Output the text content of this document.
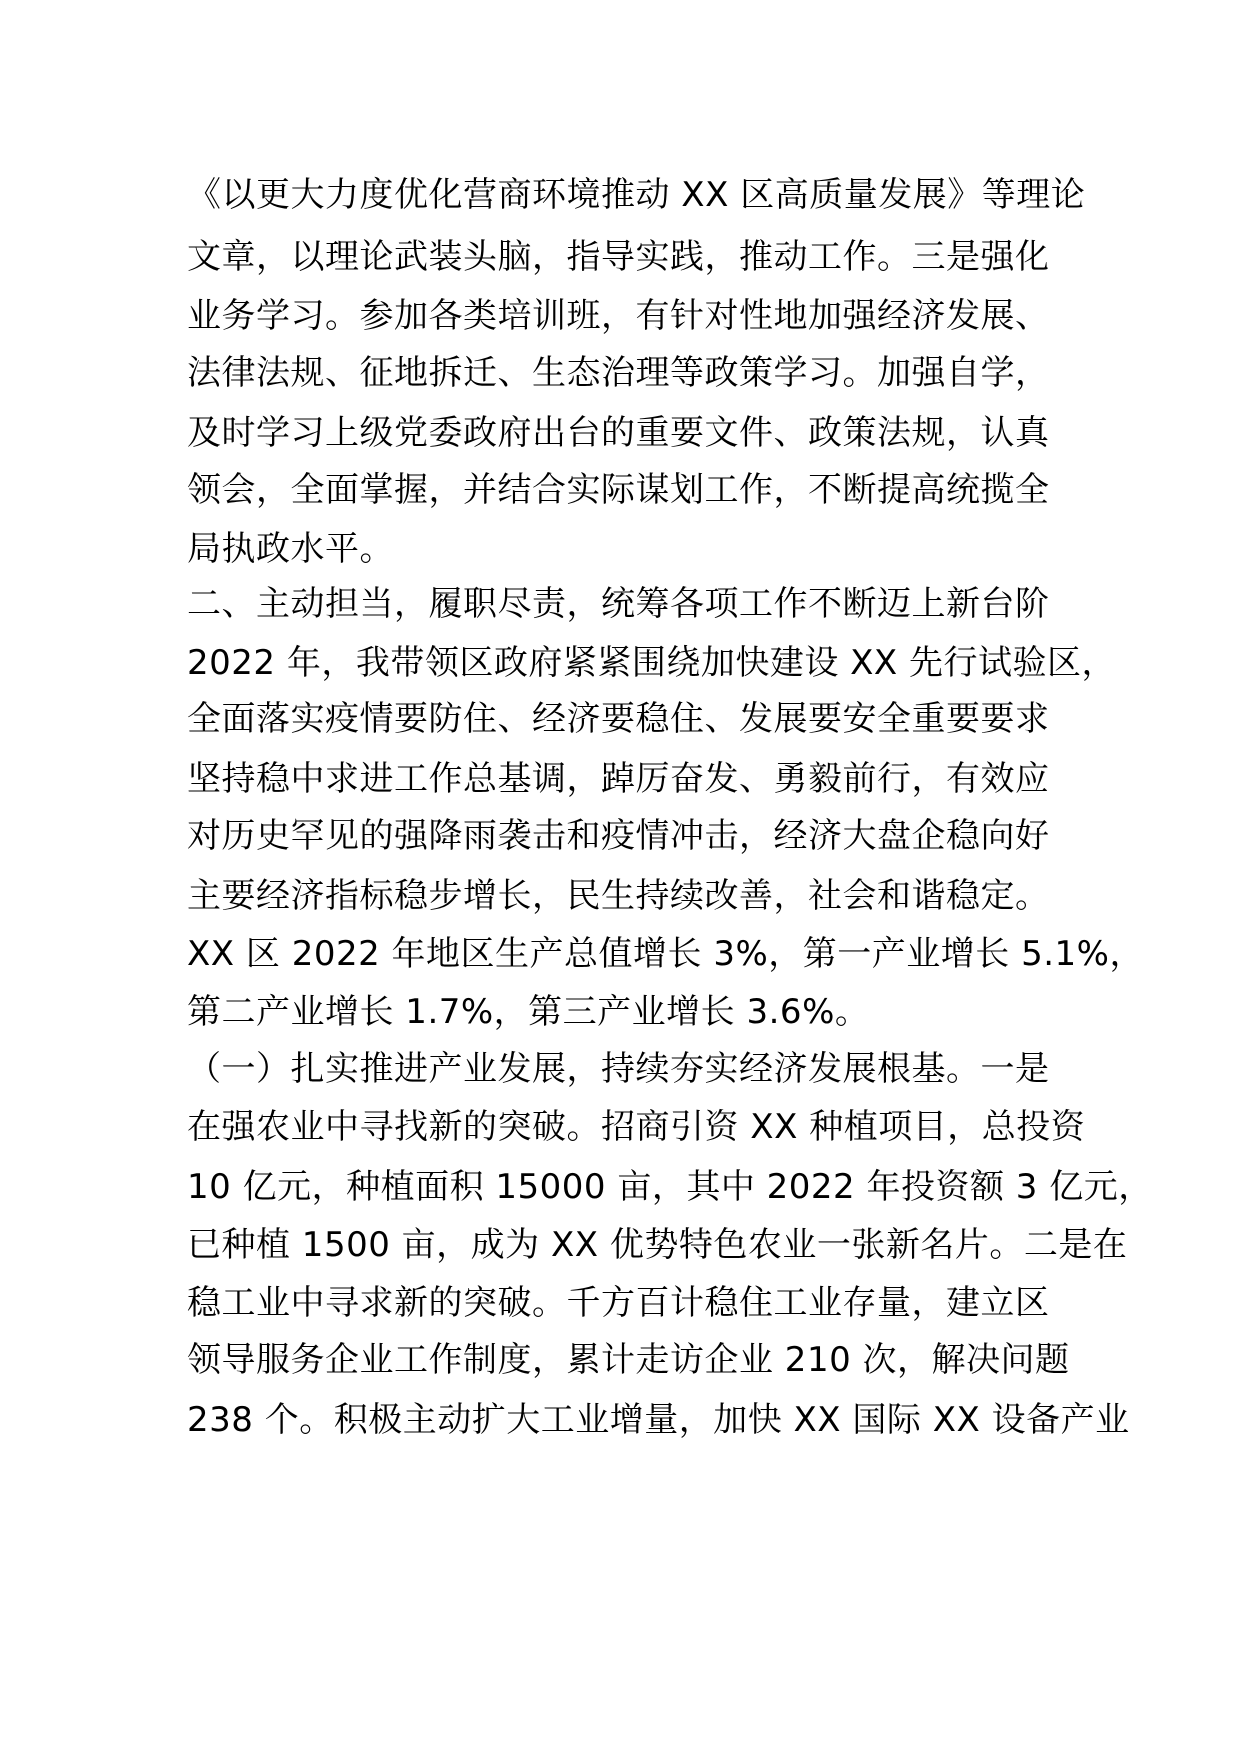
《以更大力度优化营商环境推动 XX 区高质量发展》等理论

文章，以理论武装头脑，指导实践，推动工作。三是强化

业务学习。参加各类培训班，有针对性地加强经济发展、

法律法规、征地拆迁、生态治理等政策学习。加强自学，

及时学习上级党委政府出台的重要文件、政策法规，认真

领会，全面掌握，并结合实际谋划工作，不断提高统揽全

局执政水平。

二、主动担当，履职尽责，统筹各项工作不断迈上新台阶

2022 年，我带领区政府紧紧围绕加快建设 XX 先行试验区，

全面落实疫情要防住、经济要稳住、发展要安全重要要求

坚持稳中求进工作总基调，踔厉奋发、勇毅前行，有效应

对历史罕见的强降雨袭击和疫情冲击，经济大盘企稳向好

主要经济指标稳步增长，民生持续改善，社会和谐稳定。

XX 区 2022 年地区生产总值增长 3%，第一产业增长 5.1%，

第二产业增长 1.7%，第三产业增长 3.6%。

（一）扎实推进产业发展，持续夯实经济发展根基。一是

在强农业中寻找新的突破。招商引资 XX 种植项目，总投资

10 亿元，种植面积 15000 亩，其中 2022 年投资额 3 亿元，

已种植 1500 亩，成为 XX 优势特色农业一张新名片。二是在

稳工业中寻求新的突破。千方百计稳住工业存量，建立区

领导服务企业工作制度，累计走访企业 210 次，解决问题

238 个。积极主动扩大工业增量，加快 XX 国际 XX 设备产业
